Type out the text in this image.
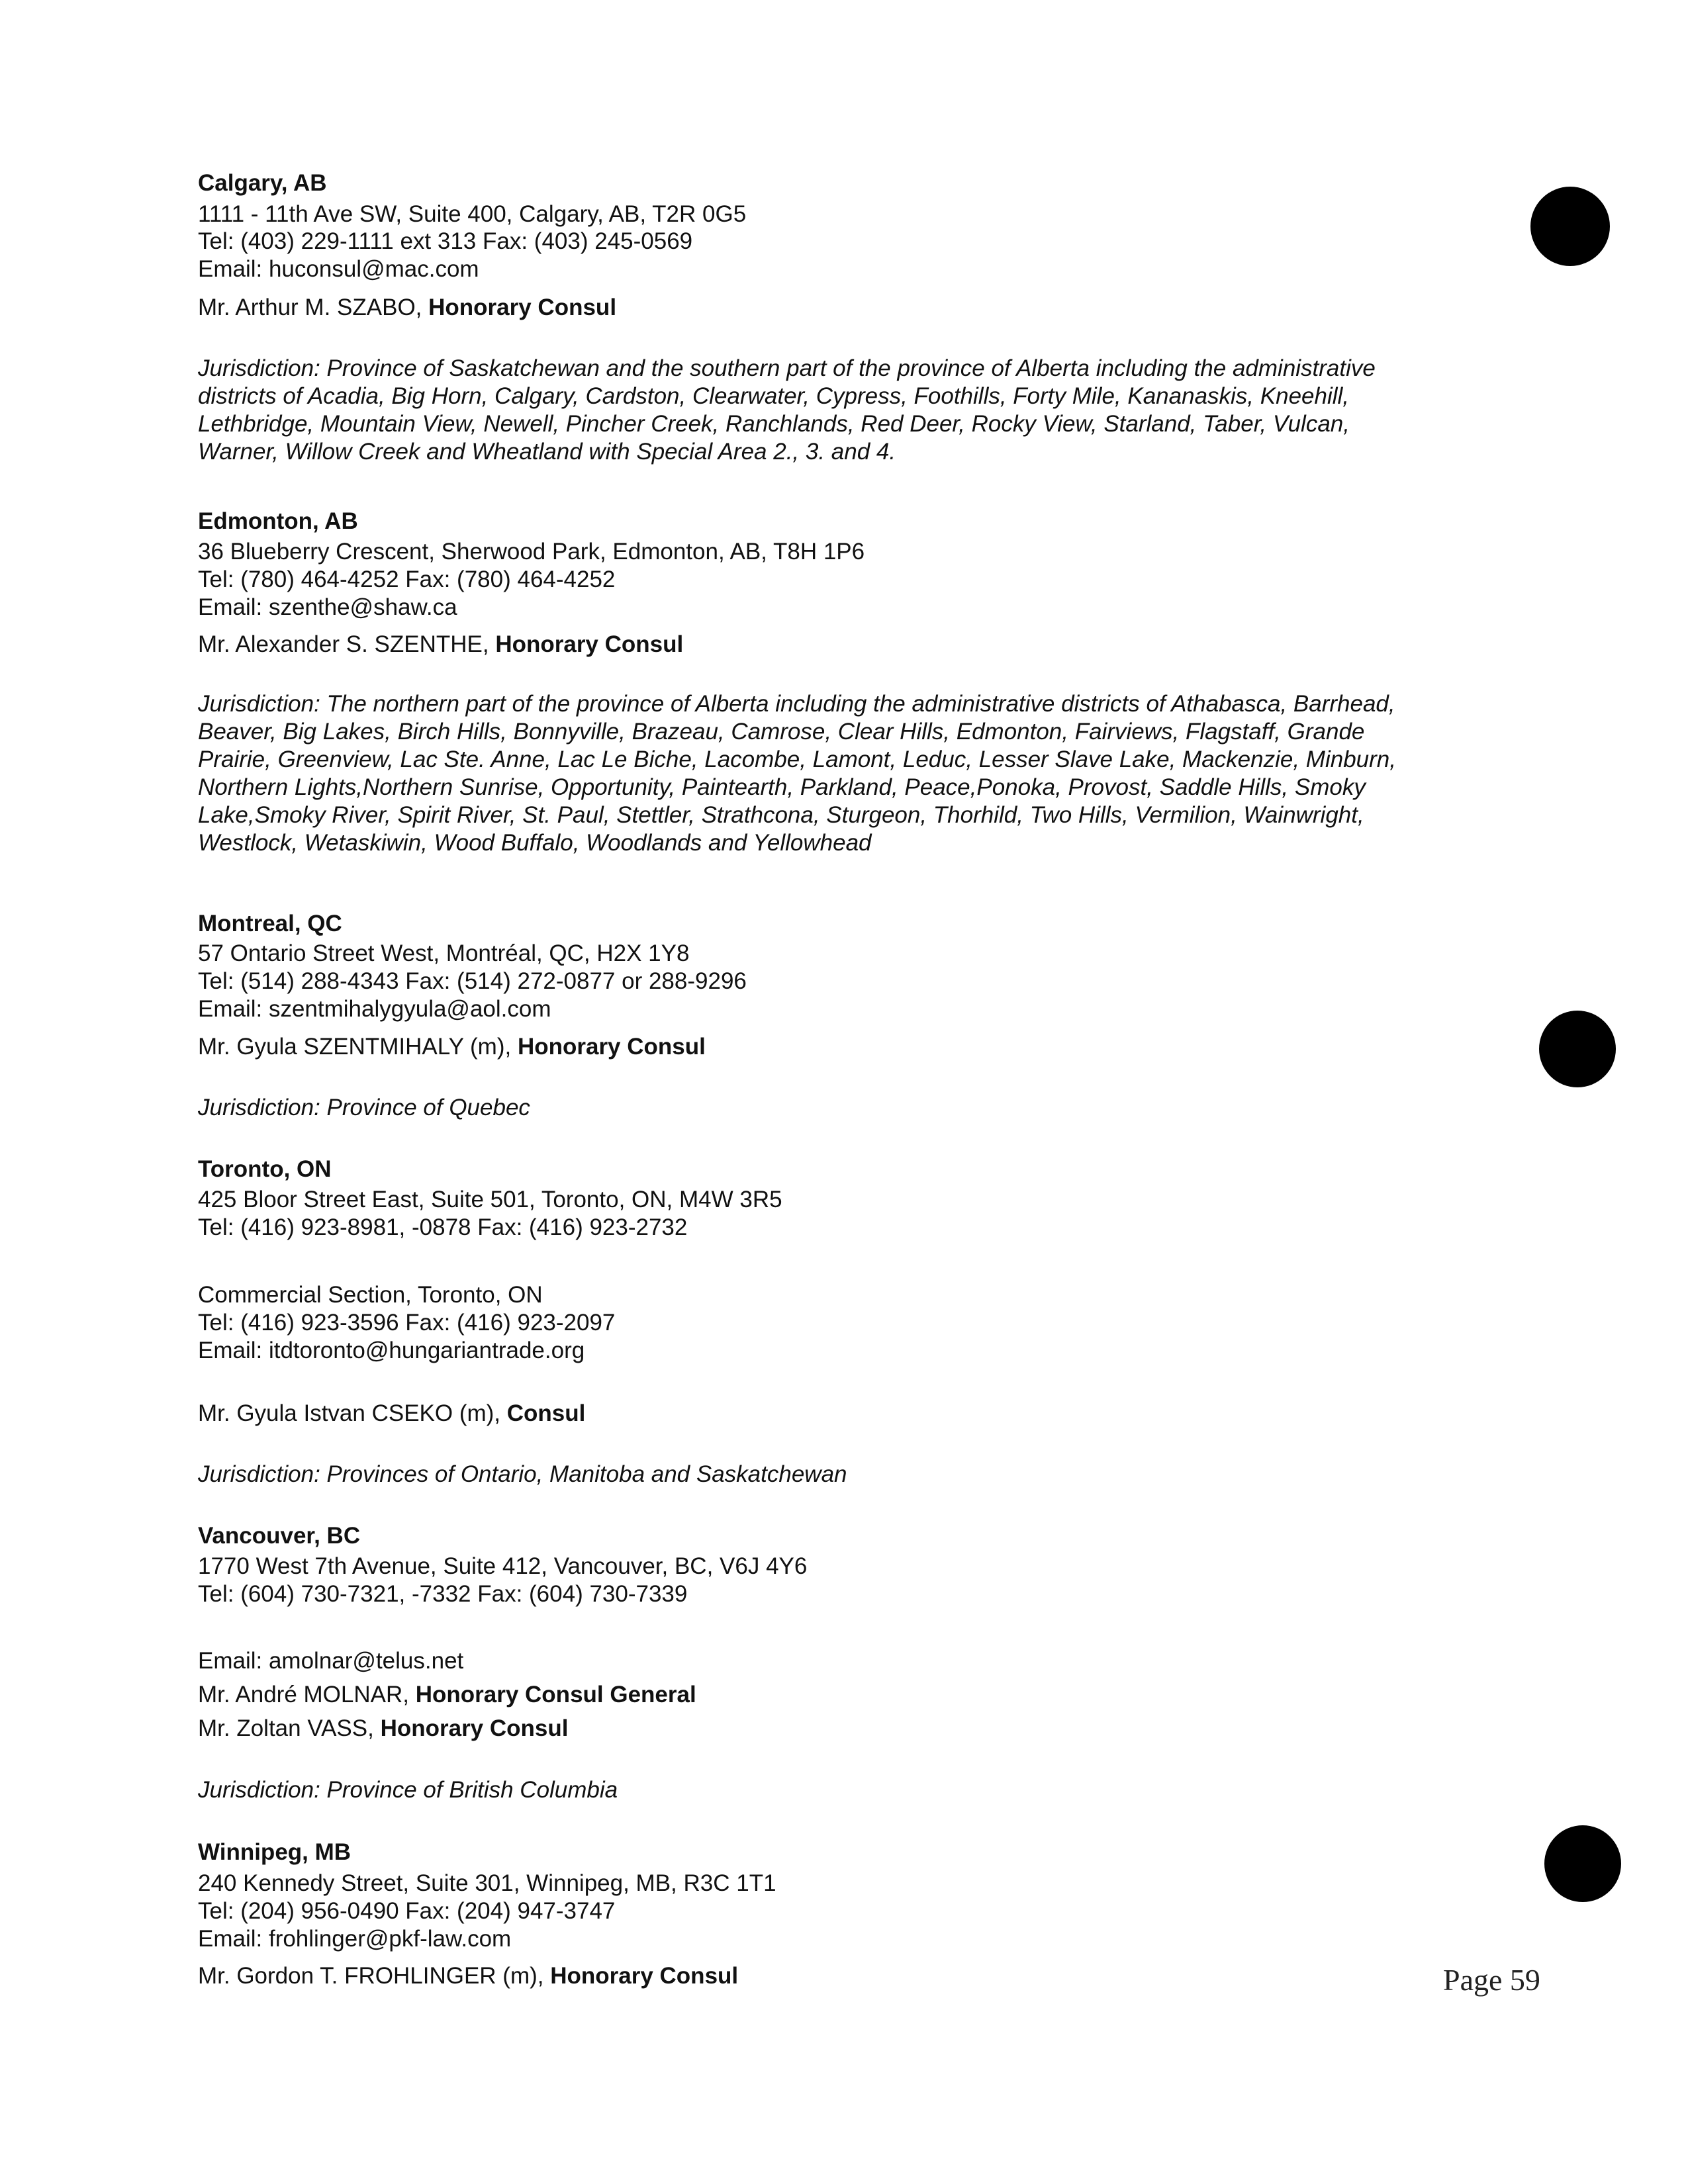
Calgary, AB
1111 - 11th Ave SW, Suite 400, Calgary, AB, T2R 0G5
Tel: (403) 229-1111 ext 313 Fax: (403) 245-0569
Email: huconsul@mac.com
Mr. Arthur M. SZABO, Honorary Consul
Jurisdiction: Province of Saskatchewan and the southern part of the province of Alberta including the administrative
districts of Acadia, Big Horn, Calgary, Cardston, Clearwater, Cypress, Foothills, Forty Mile, Kananaskis, Kneehill,
Lethbridge, Mountain View, Newell, Pincher Creek, Ranchlands, Red Deer, Rocky View, Starland, Taber, Vulcan,
Warner, Willow Creek and Wheatland with Special Area 2., 3. and 4.
Edmonton, AB
36 Blueberry Crescent, Sherwood Park, Edmonton, AB, T8H 1P6
Tel: (780) 464-4252 Fax: (780) 464-4252
Email: szenthe@shaw.ca
Mr. Alexander S. SZENTHE, Honorary Consul
Jurisdiction: The northern part of the province of Alberta including the administrative districts of Athabasca, Barrhead,
Beaver, Big Lakes, Birch Hills, Bonnyville, Brazeau, Camrose, Clear Hills, Edmonton, Fairviews, Flagstaff, Grande
Prairie, Greenview, Lac Ste. Anne, Lac Le Biche, Lacombe, Lamont, Leduc, Lesser Slave Lake, Mackenzie, Minburn,
Northern Lights,Northern Sunrise, Opportunity, Paintearth, Parkland, Peace,Ponoka, Provost, Saddle Hills, Smoky
Lake,Smoky River, Spirit River, St. Paul, Stettler, Strathcona, Sturgeon, Thorhild, Two Hills, Vermilion, Wainwright,
Westlock, Wetaskiwin, Wood Buffalo, Woodlands and Yellowhead
Montreal, QC
57 Ontario Street West, Montréal, QC, H2X 1Y8
Tel: (514) 288-4343 Fax: (514) 272-0877 or 288-9296
Email: szentmihalygyula@aol.com
Mr. Gyula SZENTMIHALY (m), Honorary Consul
Jurisdiction: Province of Quebec
Toronto, ON
425 Bloor Street East, Suite 501, Toronto, ON, M4W 3R5
Tel: (416) 923-8981, -0878 Fax: (416) 923-2732
Commercial Section, Toronto, ON
Tel: (416) 923-3596 Fax: (416) 923-2097
Email: itdtoronto@hungariantrade.org
Mr. Gyula Istvan CSEKO (m), Consul
Jurisdiction: Provinces of Ontario, Manitoba and Saskatchewan
Vancouver, BC
1770 West 7th Avenue, Suite 412, Vancouver, BC, V6J 4Y6
Tel: (604) 730-7321, -7332 Fax: (604) 730-7339
Email: amolnar@telus.net
Mr. André MOLNAR, Honorary Consul General
Mr. Zoltan VASS, Honorary Consul
Jurisdiction: Province of British Columbia
Winnipeg, MB
240 Kennedy Street, Suite 301, Winnipeg, MB, R3C 1T1
Tel: (204) 956-0490 Fax: (204) 947-3747
Email: frohlinger@pkf-law.com
Mr. Gordon T. FROHLINGER (m), Honorary Consul	Page 59
